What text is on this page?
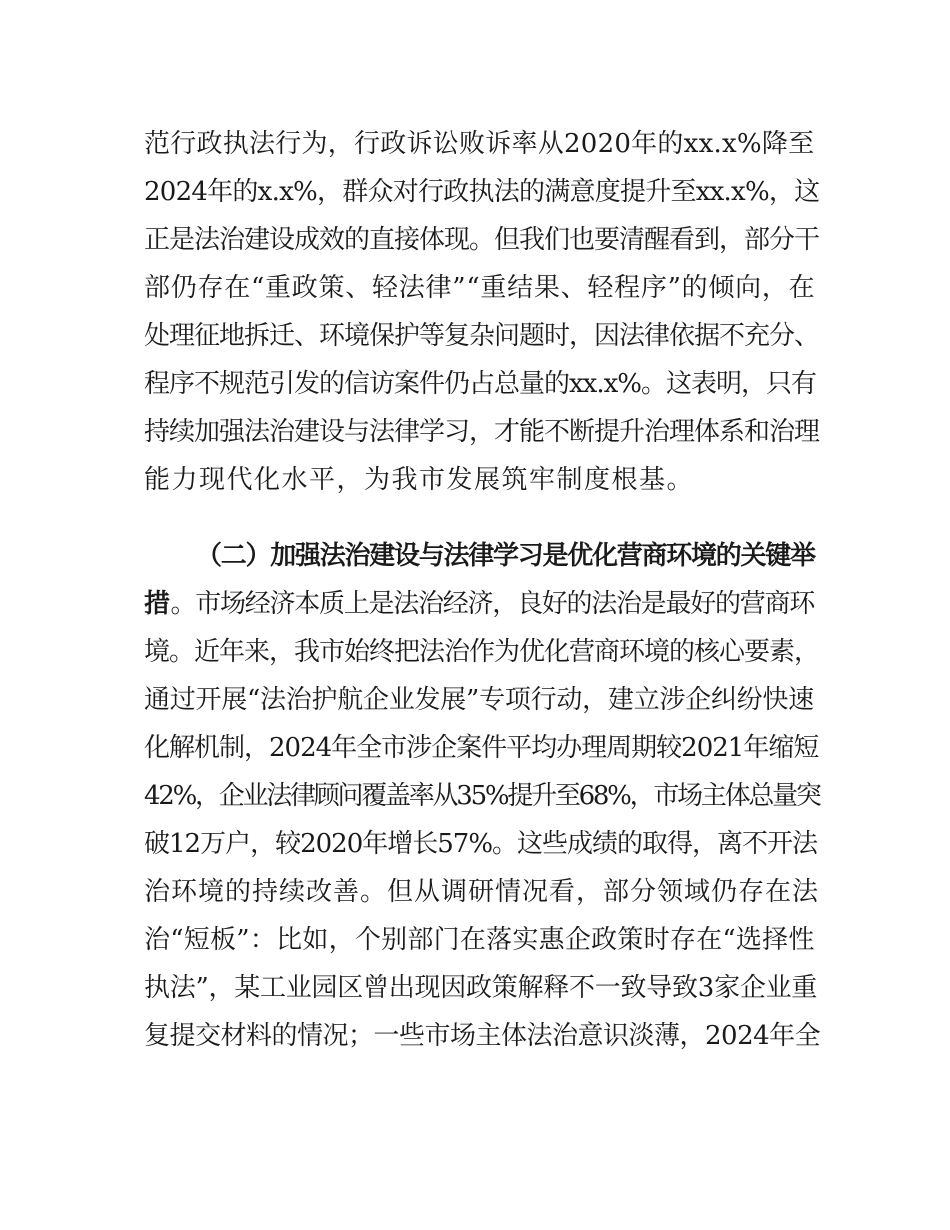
范行政执法行为，行政诉讼败诉率从2020年的xx.x%降至
2024年的x.x%，群众对行政执法的满意度提升至xx.x%，这
正是法治建设成效的直接体现。但我们也要清醒看到，部分干
部仍存在“重政策、轻法律”“重结果、轻程序”的倾向，在
处理征地拆迁、环境保护等复杂问题时，因法律依据不充分、
程序不规范引发的信访案件仍占总量的xx.x%。这表明，只有
持续加强法治建设与法律学习，才能不断提升治理体系和治理
能力现代化水平，为我市发展筑牢制度根基。
（二）加强法治建设与法律学习是优化营商环境的关键举
措。市场经济本质上是法治经济，良好的法治是最好的营商环
境。近年来，我市始终把法治作为优化营商环境的核心要素，
通过开展“法治护航企业发展”专项行动，建立涉企纠纷快速
化解机制，2024年全市涉企案件平均办理周期较2021年缩短
42%，企业法律顾问覆盖率从35%提升至68%，市场主体总量突
破12万户，较2020年增长57%。这些成绩的取得，离不开法
治环境的持续改善。但从调研情况看，部分领域仍存在法
治“短板”：比如，个别部门在落实惠企政策时存在“选择性
执法”，某工业园区曾出现因政策解释不一致导致3家企业重
复提交材料的情况；一些市场主体法治意识淡薄，2024年全
